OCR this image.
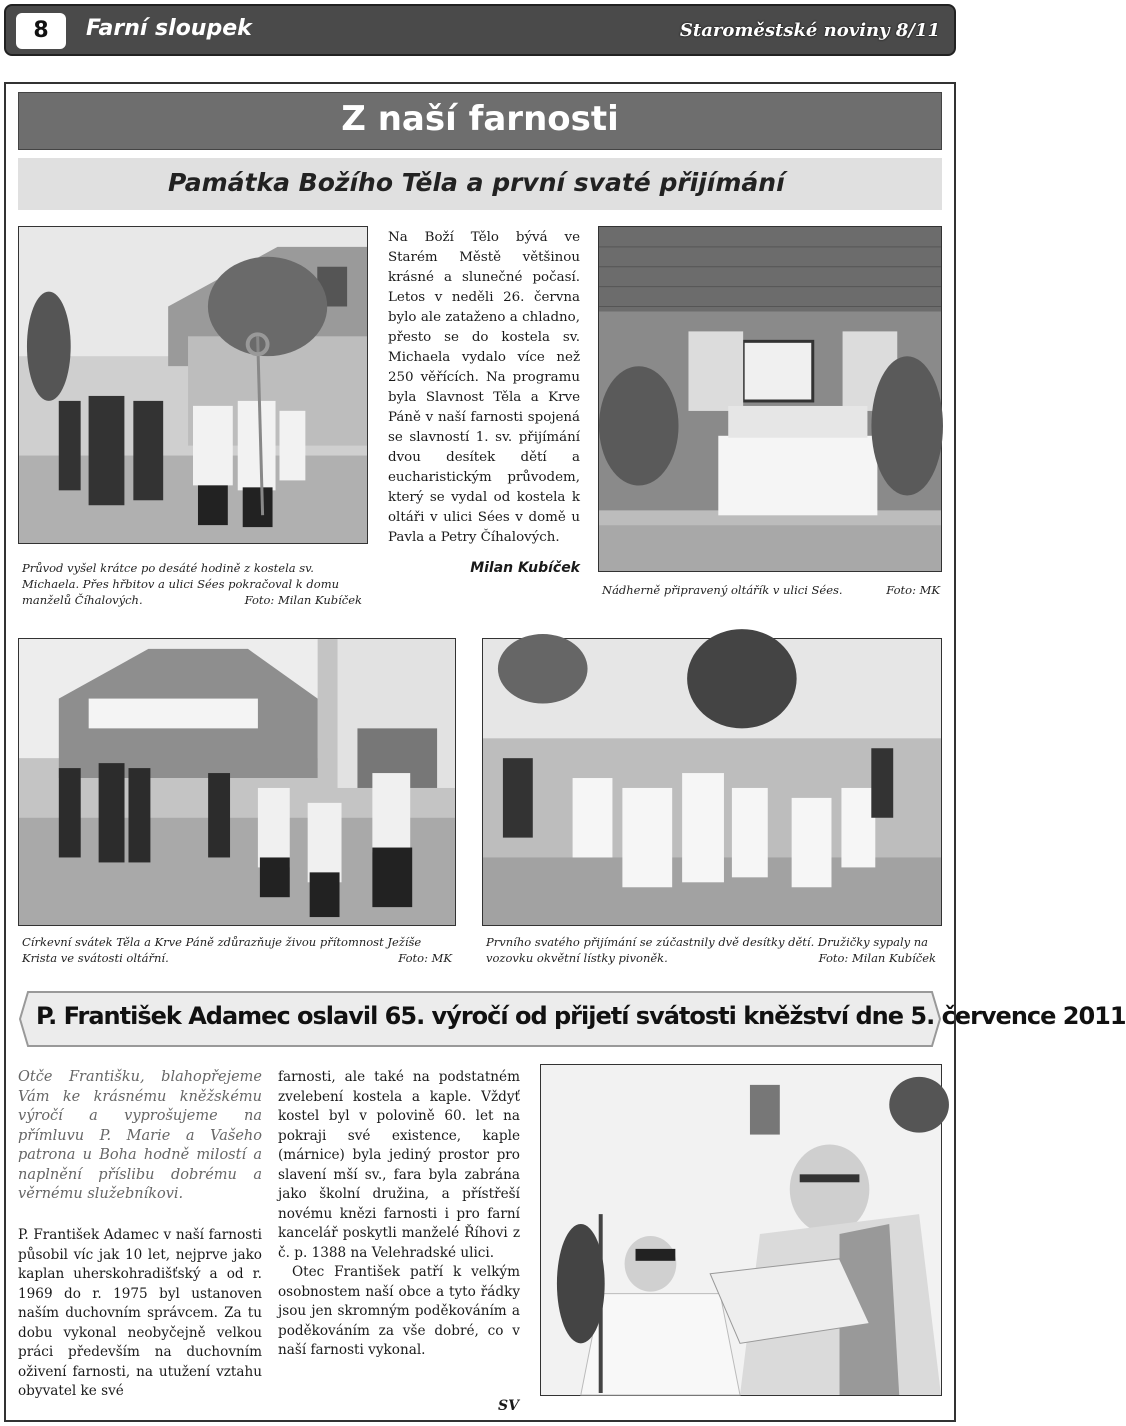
8	Farní sloupek	Staroměstské noviny 8/11
Z naší farnosti
Památka Božího Těla a první svaté přijímání
Průvod vyšel krátce po desáté hodině z kostela sv. Michaela. Přes hřbitov a ulici Sées pokračoval k domu manželů Číhalových.	Foto: Milan Kubíček
Na Boží Tělo bývá ve Starém Městě většinou krásné a slunečné počasí. Letos v neděli 26. června bylo ale zataženo a chladno, přesto se do kostela sv. Michaela vydalo více než 250 věřících. Na programu byla Slavnost Těla a Krve Páně v naší farnosti spojená se slavností 1. sv. přijímání dvou desítek dětí a eucharistickým průvodem, který se vydal od kostela k oltáři v ulici Sées v domě u Pavla a Petry Číhalových.
Milan Kubíček
Nádherně připravený oltářík v ulici Sées.	Foto: MK
Církevní svátek Těla a Krve Páně zdůrazňuje živou přítomnost Ježíše Krista ve svátosti oltářní.	Foto: MK
Prvního svatého přijímání se zúčastnily dvě desítky dětí. Družičky sypaly na vozovku okvětní lístky pivoněk.	Foto: Milan Kubíček
P. František Adamec oslavil 65. výročí od přijetí svátosti kněžství dne 5. července 2011
Otče Františku, blahopřejeme Vám ke krásnému kněžskému výročí a vyprošujeme na přímluvu P. Marie a Vašeho patrona u Boha hodně milostí a naplnění příslibu dobrému a věrnému služebníkovi.
P. František Adamec v naší farnosti působil víc jak 10 let, nejprve jako kaplan uherskohradišťský a od r. 1969 do r. 1975 byl ustanoven naším duchovním správcem. Za tu dobu vykonal neobyčejně velkou práci především na duchovním oživení farnosti, na utužení vztahu obyvatel ke své

farnosti, ale také na podstatném zvelebení kostela a kaple. Vždyť kostel byl v polovině 60. let na pokraji své existence, kaple (márnice) byla jediný prostor pro slavení mší sv., fara byla zabrána jako školní družina, a přístřeší novému knězi farnosti i pro farní kancelář poskytli manželé Říhovi z č. p. 1388 na Velehradské ulici.

Otec František patří k velkým osobnostem naší obce a tyto řádky jsou jen skromným poděkováním a poděkováním za vše dobré, co v naší farnosti vykonal.

SV
